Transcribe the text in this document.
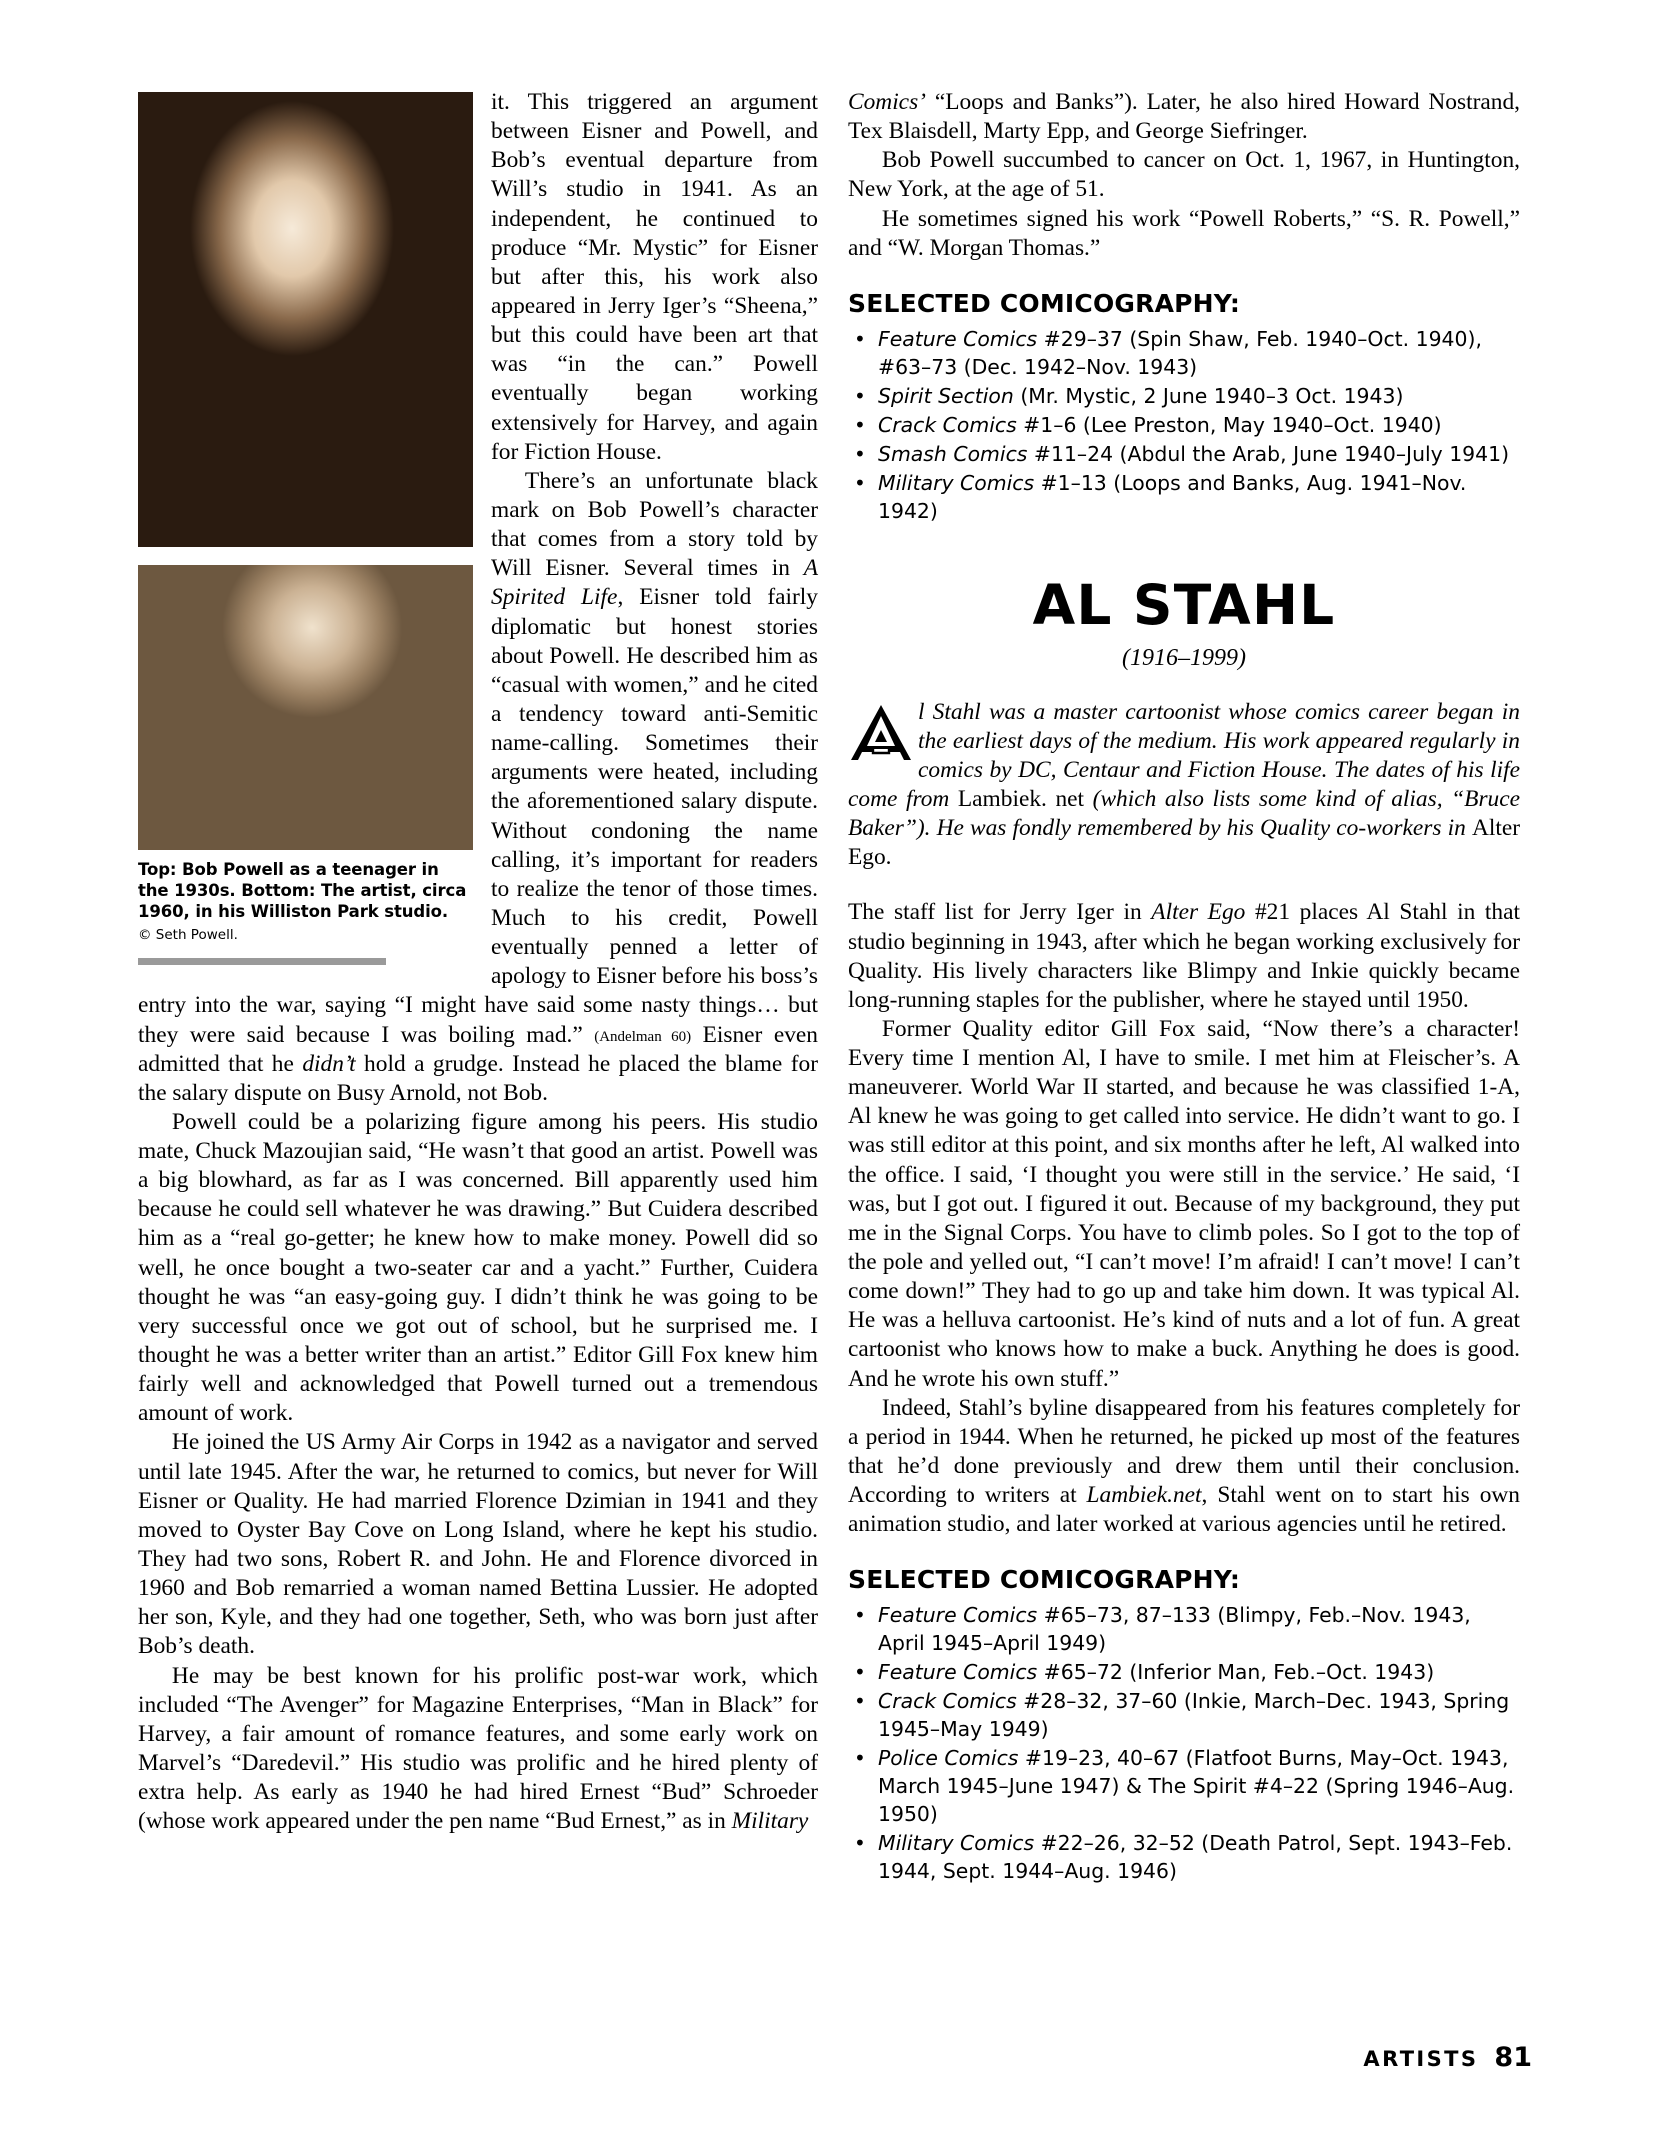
Top: Bob Powell as a teenager in the 1930s. Bottom: The artist, circa 1960, in his Williston Park studio.
© Seth Powell.

it. This triggered an argument between Eisner and Powell, and Bob’s eventual departure from Will’s studio in 1941. As an independent, he continued to produce “Mr. Mystic” for Eisner but after this, his work also appeared in Jerry Iger’s “Sheena,” but this could have been art that was “in the can.” Powell eventually began working extensively for Harvey, and again for Fiction House.

There’s an unfortunate black mark on Bob Powell’s character that comes from a story told by Will Eisner. Several times in A Spirited Life, Eisner told fairly diplomatic but honest stories about Powell. He described him as “casual with women,” and he cited a tendency toward anti-Semitic name-calling. Sometimes their arguments were heated, including the aforementioned salary dispute. Without condoning the name calling, it’s important for readers to realize the tenor of those times. Much to his credit, Powell eventually penned a letter of apology to Eisner before his boss’s entry into the war, saying “I might have said some nasty things… but they were said because I was boiling mad.” (Andelman 60) Eisner even admitted that he didn’t hold a grudge. Instead he placed the blame for the salary dispute on Busy Arnold, not Bob.

Powell could be a polarizing figure among his peers. His studio mate, Chuck Mazoujian said, “He wasn’t that good an artist. Powell was a big blowhard, as far as I was concerned. Bill apparently used him because he could sell whatever he was drawing.” But Cuidera described him as a “real go-getter; he knew how to make money. Powell did so well, he once bought a two-seater car and a yacht.” Further, Cuidera thought he was “an easy-going guy. I didn’t think he was going to be very successful once we got out of school, but he surprised me. I thought he was a better writer than an artist.” Editor Gill Fox knew him fairly well and acknowledged that Powell turned out a tremendous amount of work.

He joined the US Army Air Corps in 1942 as a navigator and served until late 1945. After the war, he returned to comics, but never for Will Eisner or Quality. He had married Florence Dzimian in 1941 and they moved to Oyster Bay Cove on Long Island, where he kept his studio. They had two sons, Robert R. and John. He and Florence divorced in 1960 and Bob remarried a woman named Bettina Lussier. He adopted her son, Kyle, and they had one together, Seth, who was born just after Bob’s death.

He may be best known for his prolific post-war work, which included “The Avenger” for Magazine Enterprises, “Man in Black” for Harvey, a fair amount of romance features, and some early work on Marvel’s “Daredevil.” His studio was prolific and he hired plenty of extra help. As early as 1940 he had hired Ernest “Bud” Schroeder (whose work appeared under the pen name “Bud Ernest,” as in Military

Comics’ “Loops and Banks”). Later, he also hired Howard Nostrand, Tex Blaisdell, Marty Epp, and George Siefringer.

Bob Powell succumbed to cancer on Oct. 1, 1967, in Huntington, New York, at the age of 51.

He sometimes signed his work “Powell Roberts,” “S. R. Powell,” and “W. Morgan Thomas.”

SELECTED COMICOGRAPHY:
• Feature Comics #29–37 (Spin Shaw, Feb. 1940–Oct. 1940), #63–73 (Dec. 1942–Nov. 1943)
• Spirit Section (Mr. Mystic, 2 June 1940–3 Oct. 1943)
• Crack Comics #1–6 (Lee Preston, May 1940–Oct. 1940)
• Smash Comics #11–24 (Abdul the Arab, June 1940–July 1941)
• Military Comics #1–13 (Loops and Banks, Aug. 1941–Nov. 1942)
AL STAHL
(1916–1999)

l Stahl was a master cartoonist whose comics career began in the earliest days of the medium. His work appeared regularly in comics by DC, Centaur and Fiction House. The dates of his life come from Lambiek. net (which also lists some kind of alias, “Bruce Baker”). He was fondly remembered by his Quality co-workers in Alter Ego.

The staff list for Jerry Iger in Alter Ego #21 places Al Stahl in that studio beginning in 1943, after which he began working exclusively for Quality. His lively characters like Blimpy and Inkie quickly became long-running staples for the publisher, where he stayed until 1950.

Former Quality editor Gill Fox said, “Now there’s a character! Every time I mention Al, I have to smile. I met him at Fleischer’s. A maneuverer. World War II started, and because he was classified 1-A, Al knew he was going to get called into service. He didn’t want to go. I was still editor at this point, and six months after he left, Al walked into the office. I said, ‘I thought you were still in the service.’ He said, ‘I was, but I got out. I figured it out. Because of my background, they put me in the Signal Corps. You have to climb poles. So I got to the top of the pole and yelled out, “I can’t move! I’m afraid! I can’t move! I can’t come down!” They had to go up and take him down. It was typical Al. He was a helluva cartoonist. He’s kind of nuts and a lot of fun. A great cartoonist who knows how to make a buck. Anything he does is good. And he wrote his own stuff.”

Indeed, Stahl’s byline disappeared from his features completely for a period in 1944. When he returned, he picked up most of the features that he’d done previously and drew them until their conclusion. According to writers at Lambiek.net, Stahl went on to start his own animation studio, and later worked at various agencies until he retired.

SELECTED COMICOGRAPHY:
• Feature Comics #65–73, 87–133 (Blimpy, Feb.–Nov. 1943, April 1945–April 1949)
• Feature Comics #65–72 (Inferior Man, Feb.–Oct. 1943)
• Crack Comics #28–32, 37–60 (Inkie, March–Dec. 1943, Spring 1945–May 1949)
• Police Comics #19–23, 40–67 (Flatfoot Burns, May–Oct. 1943, March 1945–June 1947) & The Spirit #4–22 (Spring 1946–Aug. 1950)
• Military Comics #22–26, 32–52 (Death Patrol, Sept. 1943–Feb. 1944, Sept. 1944–Aug. 1946)
ARTISTS 81
